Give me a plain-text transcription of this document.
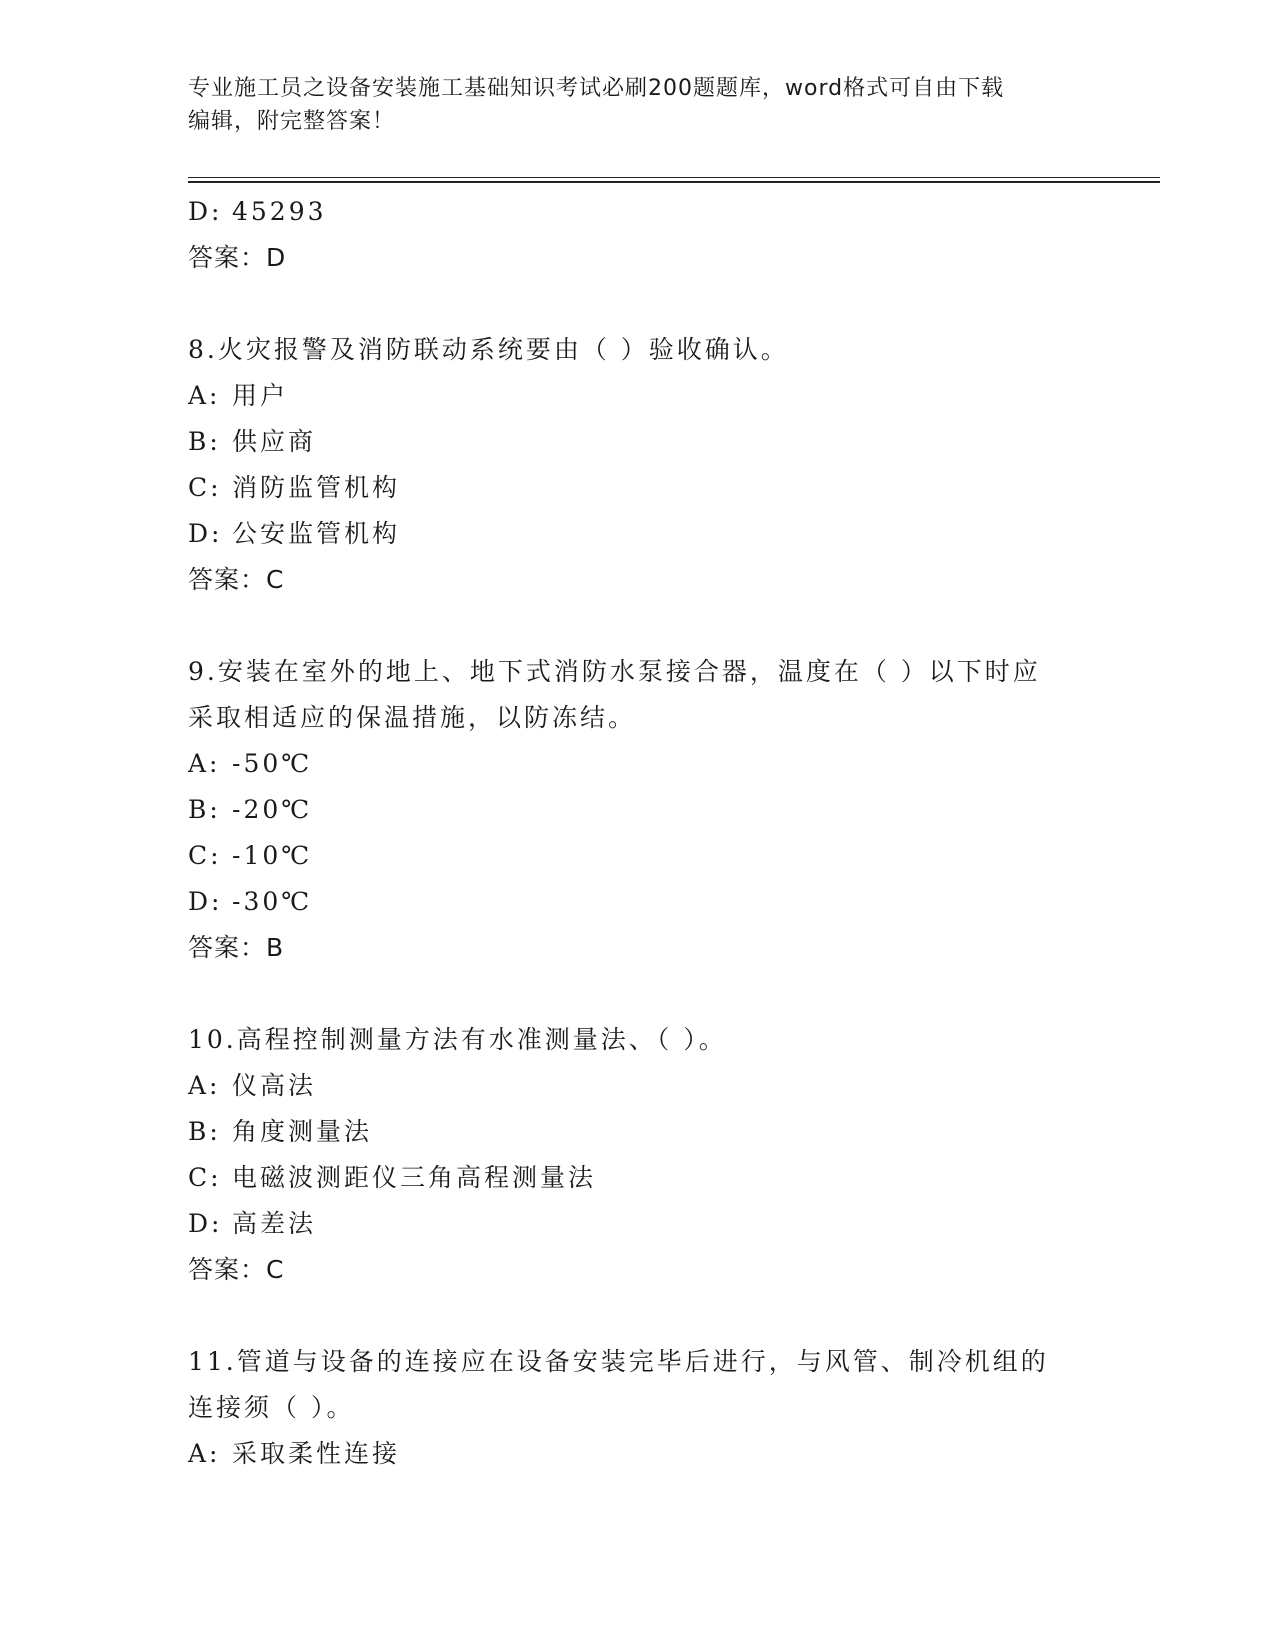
专业施工员之设备安装施工基础知识考试必刷200题题库，word格式可自由下载
编辑，附完整答案！
D: 45293
答案：D
8.火灾报警及消防联动系统要由（ ）验收确认。
A: 用户
B: 供应商
C: 消防监管机构
D: 公安监管机构
答案：C
9.安装在室外的地上、地下式消防水泵接合器，温度在（ ）以下时应
采取相适应的保温措施，以防冻结。
A: -50℃
B: -20℃
C: -10℃
D: -30℃
答案：B
10.高程控制测量方法有水准测量法、（ ）。
A: 仪高法
B: 角度测量法
C: 电磁波测距仪三角高程测量法
D: 高差法
答案：C
11.管道与设备的连接应在设备安装完毕后进行，与风管、制冷机组的
连接须（ ）。
A: 采取柔性连接
